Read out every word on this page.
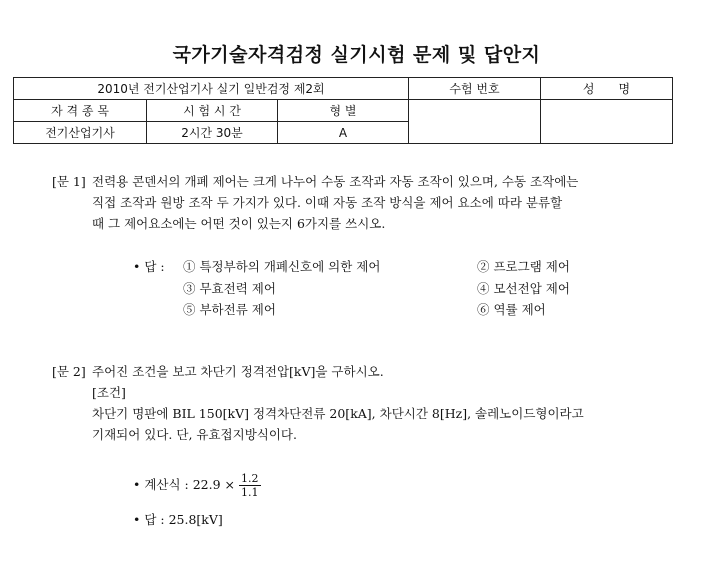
국가기술자격검정 실기시험 문제 및 답안지
2010년 전기산업기사 실기 일반검정 제2회			수험 번호	성　　명
자 격 종 목	시 험 시 간	형 별		
전기산업기사	2시간 30분	A		
[문 1] 전력용 콘덴서의 개폐 제어는 크게 나누어 수동 조작과 자동 조작이 있으며, 수동 조작에는
직접 조작과 원방 조작 두 가지가 있다. 이때 자동 조작 방식을 제어 요소에 따라 분류할
때 그 제어요소에는 어떤 것이 있는지 6가지를 쓰시오.
• 답 : ① 특정부하의 개폐신호에 의한 제어	② 프로그램 제어
③ 무효전력 제어	④ 모선전압 제어
⑤ 부하전류 제어	⑥ 역률 제어
[문 2] 주어진 조건을 보고 차단기 정격전압[kV]을 구하시오.
[조건]
차단기 명판에 BIL 150[kV] 정격차단전류 20[kA], 차단시간 8[Hz], 솔레노이드형이라고
기재되어 있다. 단, 유효접지방식이다.
• 계산식 : $22.9 \times \frac{1.2}{1.1}$
• 답 : 25.8[kV]
